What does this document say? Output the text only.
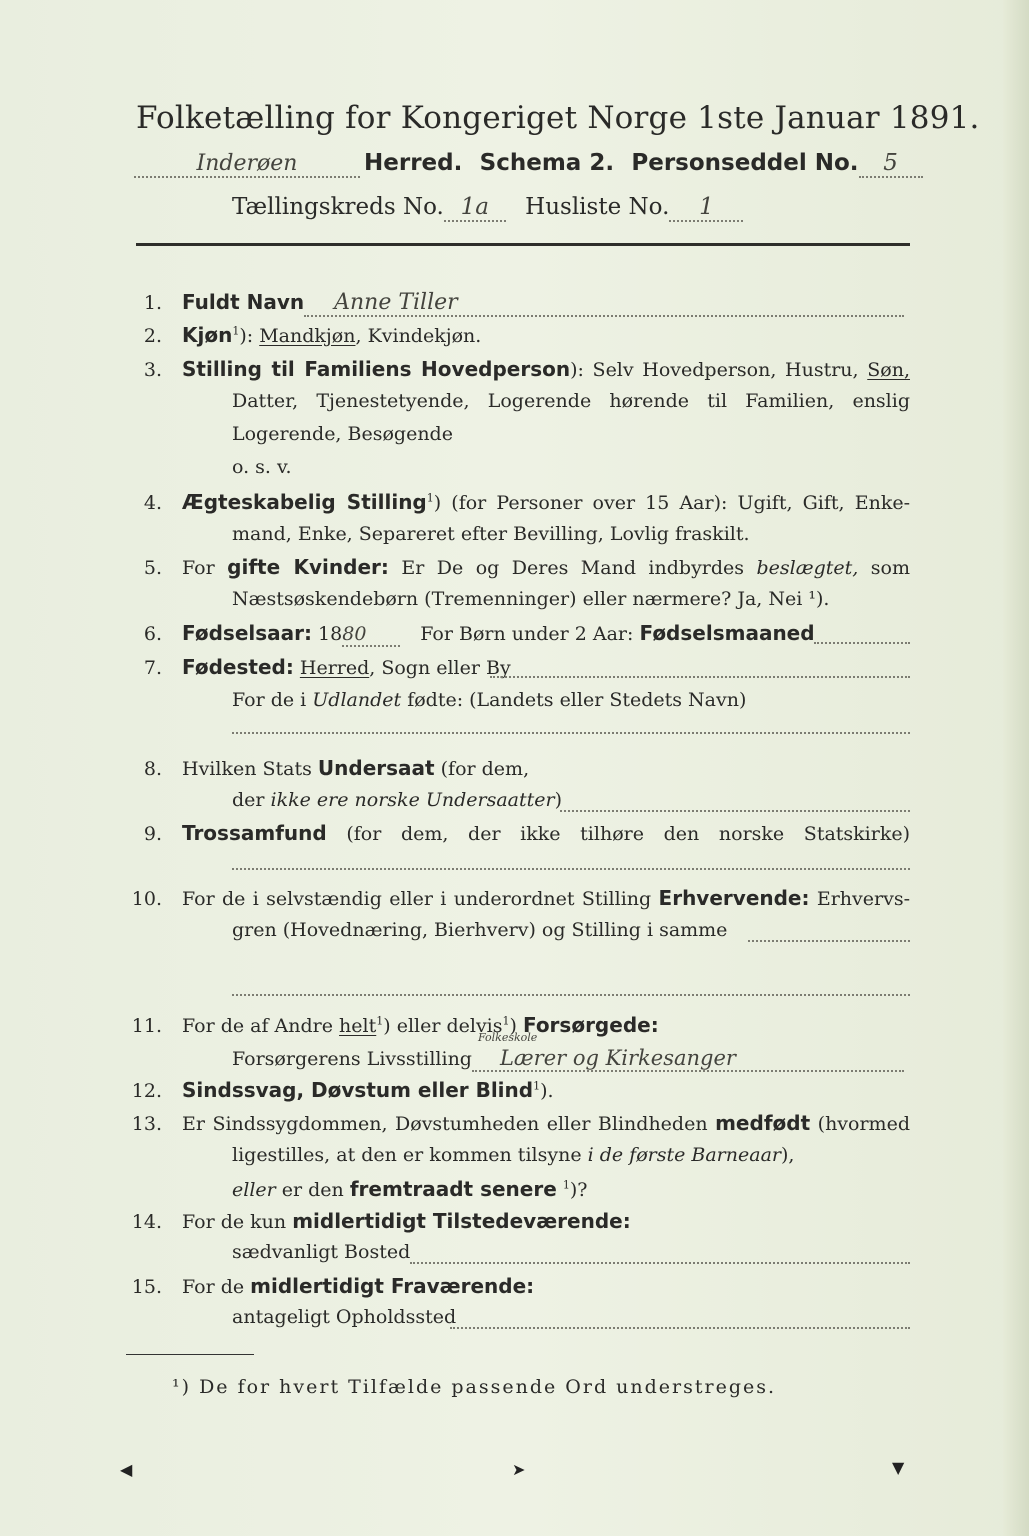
Folketælling for Kongeriget Norge 1ste Januar 1891.
Inderøen	Herred. Schema 2. Personseddel No. 5
Tællingskreds No. 1a Husliste No. 1
1. Fuldt Navn Anne Tiller
2. Kjøn$^1$): Mandkjøn, Kvindekjøn.
3. Stilling til Familiens Hovedperson): Selv Hovedperson, Hustru, Søn,
Datter, Tjenestetyende, Logerende hørende til Familien, enslig
Logerende, Besøgende
o. s. v.
4. Ægteskabelig Stilling$^1$) (for Personer over 15 Aar): Ugift, Gift, Enke-
mand, Enke, Separeret efter Bevilling, Lovlig fraskilt.
5. For gifte Kvinder: Er De og Deres Mand indbyrdes beslægtet, som
Næstsøskendebørn (Tremenninger) eller nærmere? Ja, Nei ¹).
6. Fødselsaar: 1880	For Børn under 2 Aar: Fødselsmaaned
7. Fødested: Herred, Sogn eller By
For de i Udlandet fødte: (Landets eller Stedets Navn)
8. Hvilken Stats Undersaat (for dem,
der ikke ere norske Undersaatter)
9. Trossamfund (for dem, der ikke tilhøre den norske Statskirke)
10. For de i selvstændig eller i underordnet Stilling Erhvervende: Erhvervs-
gren (Hovednæring, Bierhverv) og Stilling i samme
11. For de af Andre helt$^1$) eller delvis$^1$) Forsørgede:
Folkeskole
Forsørgerens Livsstilling Lærer og Kirkesanger
12. Sindssvag, Døvstum eller Blind$^1$).
13. Er Sindssygdommen, Døvstumheden eller Blindheden medfødt (hvormed
ligestilles, at den er kommen tilsyne i de første Barneaar),
eller er den fremtraadt senere $^1$)?
14. For de kun midlertidigt Tilstedeværende:
sædvanligt Bosted
15. For de midlertidigt Fraværende:
antageligt Opholdssted
¹) De for hvert Tilfælde passende Ord understreges.
◀	➤	▼
